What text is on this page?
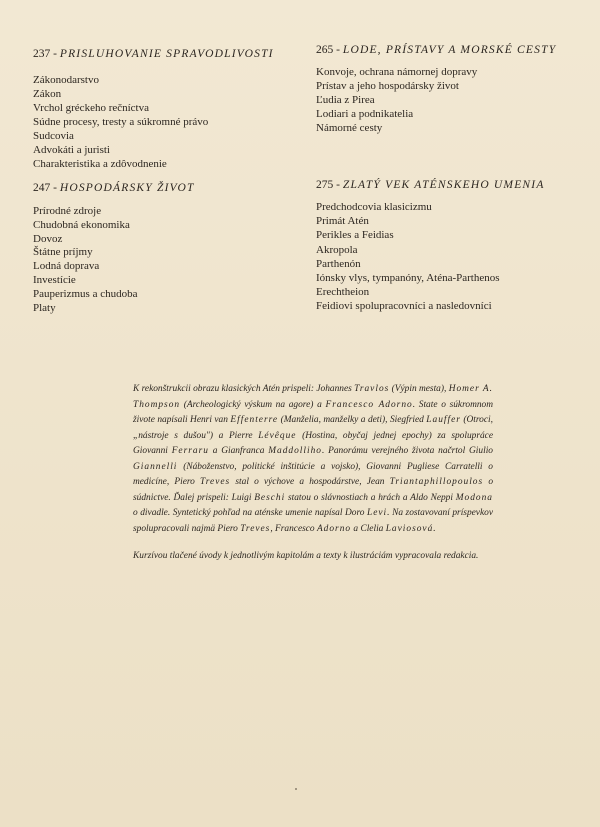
237 - PRISLUHOVANIE SPRAVODLIVOSTI
Zákonodarstvo
Zákon
Vrchol gréckeho rečníctva
Súdne procesy, tresty a súkromné právo
Sudcovia
Advokáti a juristi
Charakteristika a zdôvodnenie
265 - LODE, PRÍSTAVY A MORSKÉ CESTY
Konvoje, ochrana námornej dopravy
Prístav a jeho hospodársky život
Ľudia z Pirea
Lodiari a podnikatelia
Námorné cesty
247 - HOSPODÁRSKY ŽIVOT
Prírodné zdroje
Chudobná ekonomika
Dovoz
Štátne príjmy
Lodná doprava
Investície
Pauperizmus a chudoba
Platy
275 - ZLATÝ VEK ATÉNSKEHO UMENIA
Predchodcovia klasicizmu
Primát Atén
Perikles a Feidias
Akropola
Parthenón
Iónsky vlys, tympanóny, Aténa-Parthenos
Erechtheion
Feidiovi spolupracovníci a nasledovníci

K rekonštrukcii obrazu klasických Atén prispeli: Johannes Travlos (Výpin mesta), Homer A. Thompson (Archeologický výskum na agore) a Francesco Adorno. State o súkromnom živote napísali Henri van Effenterre (Manželia, manželky a deti), Siegfried Lauffer (Otroci, „nástroje s dušou") a Pierre Lévêque (Hostina, obyčaj jednej epochy) za spolupráce Giovanni Ferraru a Gianfranca Maddolliho. Panorámu verejného života načrtol Giulio Giannelli (Náboženstvo, politické inštitúcie a vojsko), Giovanni Pugliese Carratelli o medicíne, Piero Treves stal o výchove a hospodárstve, Jean Triantaphillopoulos o súdnictve. Ďalej prispeli: Luigi Beschi statou o slávnostiach a hrách a Aldo Neppi Modona o divadle. Syntetický pohľad na aténske umenie napísal Doro Levi. Na zostavovaní príspevkov spolupracovali najmä Piero Treves, Francesco Adorno a Clelia Laviosová.

Kurzívou tlačené úvody k jednotlivým kapitolám a texty k ilustráciám vypracovala redakcia.
